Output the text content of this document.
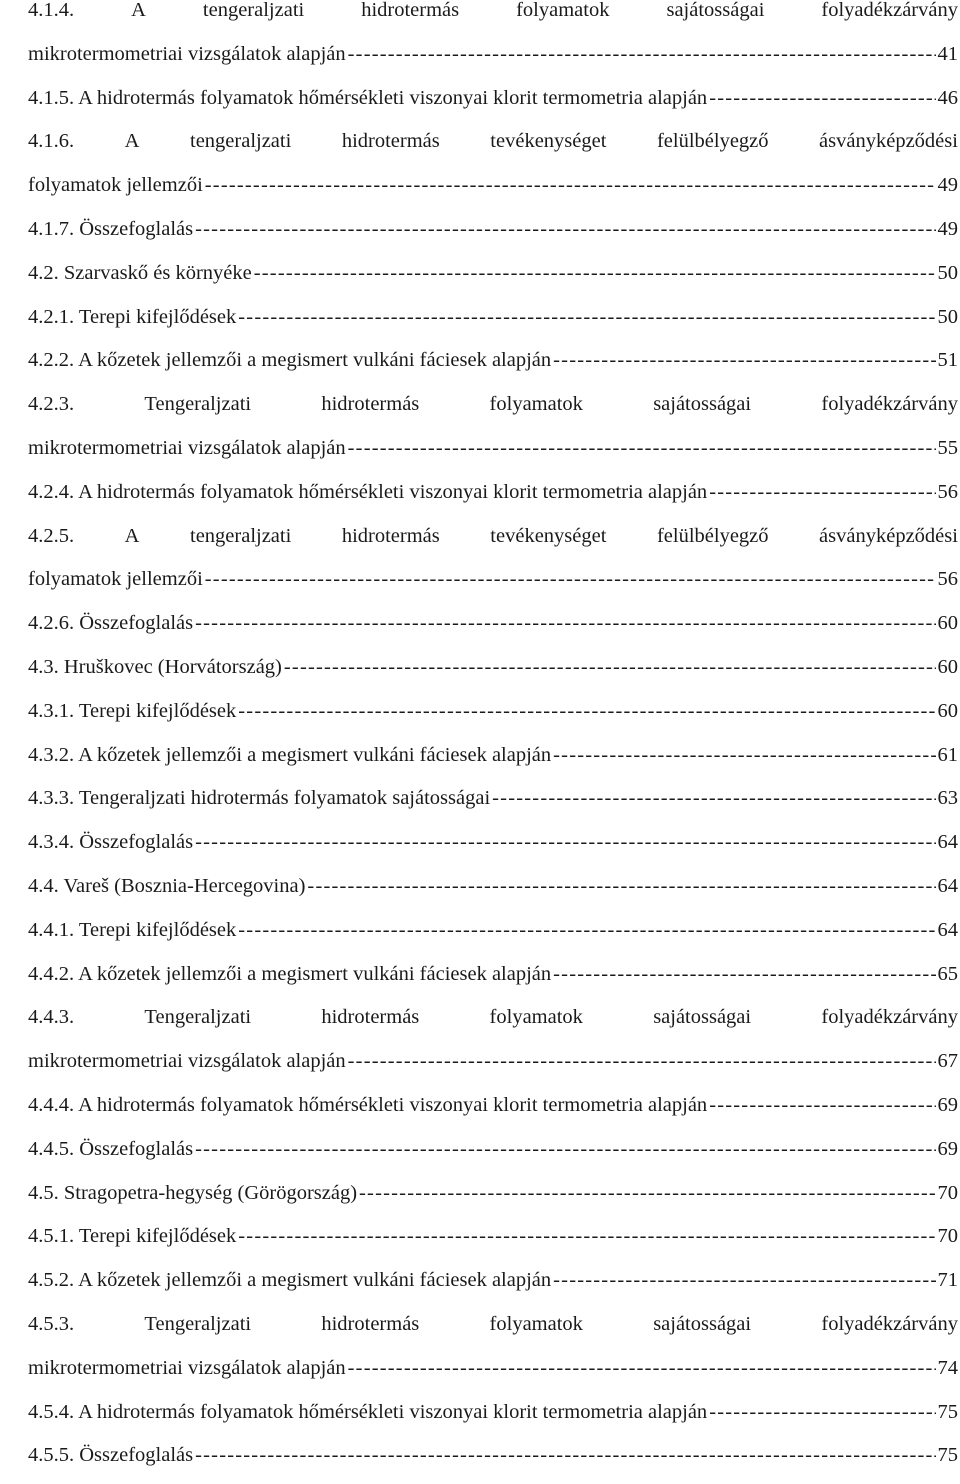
4.1.4.	A	tengeraljzati	hidrotermás	folyamatok	sajátosságai	folyadékzárvány
mikrotermometriai vizsgálatok alapján -----	41
4.1.5. A hidrotermás folyamatok hőmérsékleti viszonyai klorit termometria alapján -----	46
4.1.6. A tengeraljzati hidrotermás tevékenységet felülbélyegző ásványképződési
folyamatok jellemzői -----	49
4.1.7. Összefoglalás -----	49
4.2. Szarvaskő és környéke -----	50
4.2.1. Terepi kifejlődések -----	50
4.2.2. A kőzetek jellemzői a megismert vulkáni fáciesek alapján -----	51
4.2.3.	Tengeraljzati	hidrotermás	folyamatok	sajátosságai	folyadékzárvány
mikrotermometriai vizsgálatok alapján -----	55
4.2.4. A hidrotermás folyamatok hőmérsékleti viszonyai klorit termometria alapján -----	56
4.2.5. A tengeraljzati hidrotermás tevékenységet felülbélyegző ásványképződési
folyamatok jellemzői -----	56
4.2.6. Összefoglalás -----	60
4.3. Hruškovec (Horvátország) -----	60
4.3.1. Terepi kifejlődések -----	60
4.3.2. A kőzetek jellemzői a megismert vulkáni fáciesek alapján -----	61
4.3.3. Tengeraljzati hidrotermás folyamatok sajátosságai -----	63
4.3.4. Összefoglalás -----	64
4.4. Vareš (Bosznia-Hercegovina) -----	64
4.4.1. Terepi kifejlődések -----	64
4.4.2. A kőzetek jellemzői a megismert vulkáni fáciesek alapján -----	65
4.4.3.	Tengeraljzati	hidrotermás	folyamatok	sajátosságai	folyadékzárvány
mikrotermometriai vizsgálatok alapján -----	67
4.4.4. A hidrotermás folyamatok hőmérsékleti viszonyai klorit termometria alapján -----	69
4.4.5. Összefoglalás -----	69
4.5. Stragopetra-hegység (Görögország) -----	70
4.5.1. Terepi kifejlődések -----	70
4.5.2. A kőzetek jellemzői a megismert vulkáni fáciesek alapján -----	71
4.5.3.	Tengeraljzati	hidrotermás	folyamatok	sajátosságai	folyadékzárvány
mikrotermometriai vizsgálatok alapján -----	74
4.5.4. A hidrotermás folyamatok hőmérsékleti viszonyai klorit termometria alapján -----	75
4.5.5. Összefoglalás -----	75
